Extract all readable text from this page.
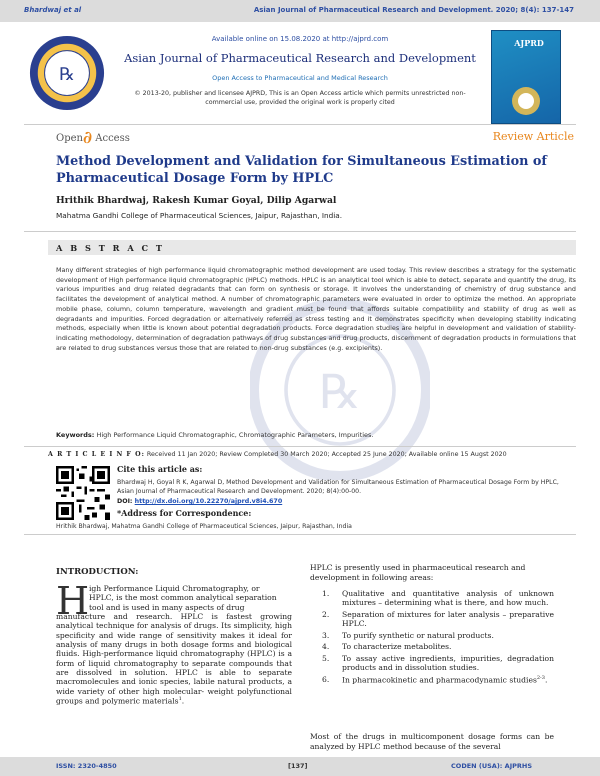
Bhardwaj et al	Asian Journal of Pharmaceutical Research and Development. 2020; 8(4): 137-147
℞
AJPRD
Available online on 15.08.2020 at http://ajprd.com
Asian Journal of Pharmaceutical Research and Development
Open Access to Pharmaceutical and Medical Research
© 2013-20, publisher and licensee AJPRD, This is an Open Access article which permits unrestricted non-
commercial use, provided the original work is properly cited
Open∂ Access	Review Article
Method Development and Validation for Simultaneous Estimation of Pharmaceutical Dosage Form by HPLC
Hrithik Bhardwaj, Rakesh Kumar Goyal, Dilip Agarwal
Mahatma Gandhi College of Pharmaceutical Sciences, Jaipur, Rajasthan, India.
A B S T R A C T
℞
Many different strategies of high performance liquid chromatographic method development are used today. This review describes a strategy for the systematic development of High performance liquid chromatographic (HPLC) methods. HPLC is an analytical tool which is able to detect, separate and quantify the drug, its various impurities and drug related degradants that can form on synthesis or storage. It involves the understanding of chemistry of drug substance and facilitates the development of analytical method. A number of chromatographic parameters were evaluated in order to optimize the method. An appropriate mobile phase, column, column temperature, wavelength and gradient must be found that affords suitable compatibility and stability of drug as well as degradants and impurities. Forced degradation or alternatively referred as stress testing and it demonstrates specificity when developing stability indicating methods, especially when little is known about potential degradation products. Force degradation studies are helpful in development and validation of stability-indicating methodology, determination of degradation pathways of drug substances and drug products, discernment of degradation products in formulations that are related to drug substances versus those that are related to non-drug substances (e.g. excipients).
Keywords: High Performance Liquid Chromatographic, Chromatographic Parameters, Impurities.
A R T I C L E I N F O: Received 11 Jan 2020; Review Completed 30 March 2020; Accepted 25 June 2020; Available online 15 Augst 2020
Cite this article as:
Bhardwaj H, Goyal R K, Agarwal D, Method Development and Validation for Simultaneous Estimation of Pharmaceutical Dosage Form by HPLC, Asian Journal of Pharmaceutical Research and Development. 2020; 8(4):00-00.
DOI: http://dx.doi.org/10.22270/ajprd.v8i4.670
*Address for Correspondence:
Hrithik Bhardwaj, Mahatma Gandhi College of Pharmaceutical Sciences, Jaipur, Rajasthan, India
INTRODUCTION:
H igh Performance Liquid Chromatography, or
HPLC, is the most common analytical separation
tool and is used in many aspects of drug
manufacture and research. HPLC is fastest growing analytical technique for analysis of drugs. Its simplicity, high specificity and wide range of sensitivity makes it ideal for analysis of many drugs in both dosage forms and biological fluids. High-performance liquid chromatography (HPLC) is a form of liquid chromatography to separate compounds that are dissolved in solution. HPLC is able to separate macromolecules and ionic species, labile natural products, a wide variety of other high molecular- weight polyfunctional groups and polymeric materials$^1$.
HPLC is presently used in pharmaceutical research and development in following areas:
1.	Qualitative and quantitative analysis of unknown mixtures – determining what is there, and how much.
2.	Separation of mixtures for later analysis – preparative HPLC.
3.	To purify synthetic or natural products.
4.	To characterize metabolites.
5.	To assay active ingredients, impurities, degradation products and in dissolution studies.
6.	In pharmacokinetic and pharmacodynamic studies$^{2-3}$.
Most of the drugs in multicomponent dosage forms can be analyzed by HPLC method because of the several
ISSN: 2320-4850	[137]	CODEN (USA): AJPRHS
